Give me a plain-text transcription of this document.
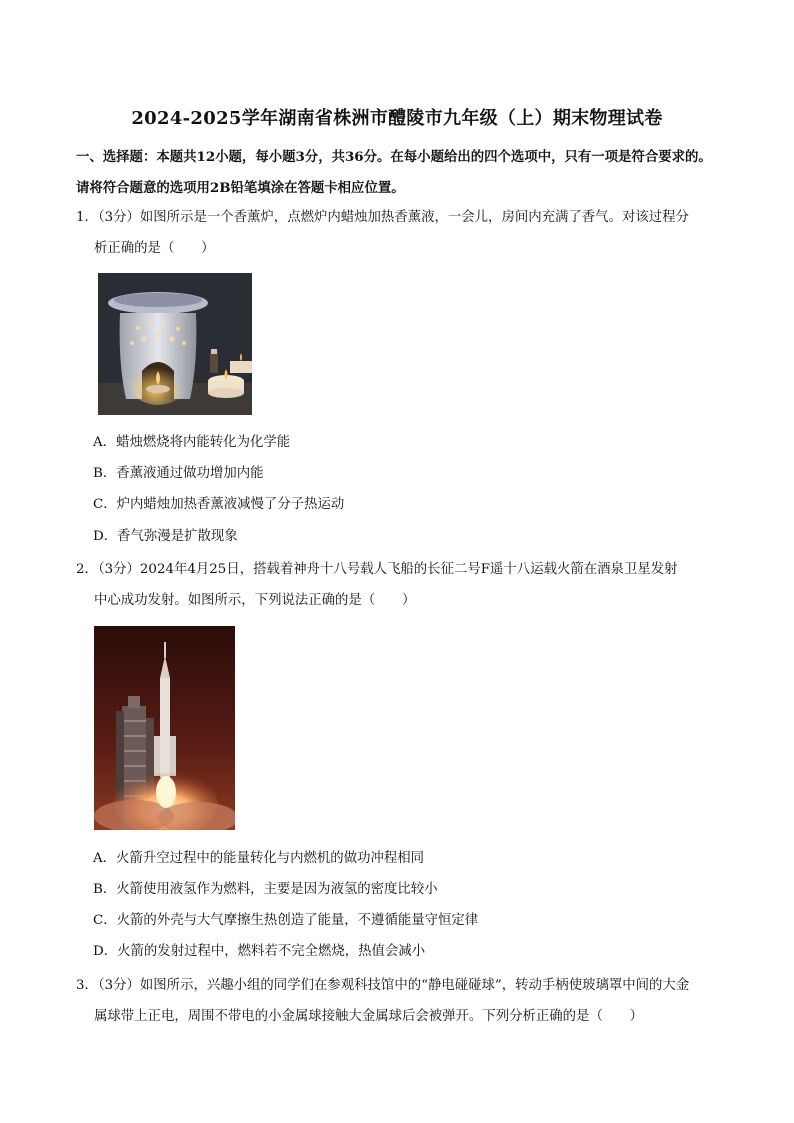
2024-2025学年湖南省株洲市醴陵市九年级（上）期末物理试卷
一、选择题：本题共12小题，每小题3分，共36分。在每小题给出的四个选项中，只有一项是符合要求的。请将符合题意的选项用2B铅笔填涂在答题卡相应位置。
1．（3分）如图所示是一个香薰炉，点燃炉内蜡烛加热香薰液，一会儿，房间内充满了香气。对该过程分
析正确的是（　　）
A．蜡烛燃烧将内能转化为化学能
B．香薰液通过做功增加内能
C．炉内蜡烛加热香薰液减慢了分子热运动
D．香气弥漫是扩散现象
2．（3分）2024年4月25日，搭载着神舟十八号载人飞船的长征二号F遥十八运载火箭在酒泉卫星发射
中心成功发射。如图所示，下列说法正确的是（　　）
A．火箭升空过程中的能量转化与内燃机的做功冲程相同
B．火箭使用液氢作为燃料，主要是因为液氢的密度比较小
C．火箭的外壳与大气摩擦生热创造了能量，不遵循能量守恒定律
D．火箭的发射过程中，燃料若不完全燃烧，热值会减小
3．（3分）如图所示，兴趣小组的同学们在参观科技馆中的“静电碰碰球”，转动手柄使玻璃罩中间的大金
属球带上正电，周围不带电的小金属球接触大金属球后会被弹开。下列分析正确的是（　　）
